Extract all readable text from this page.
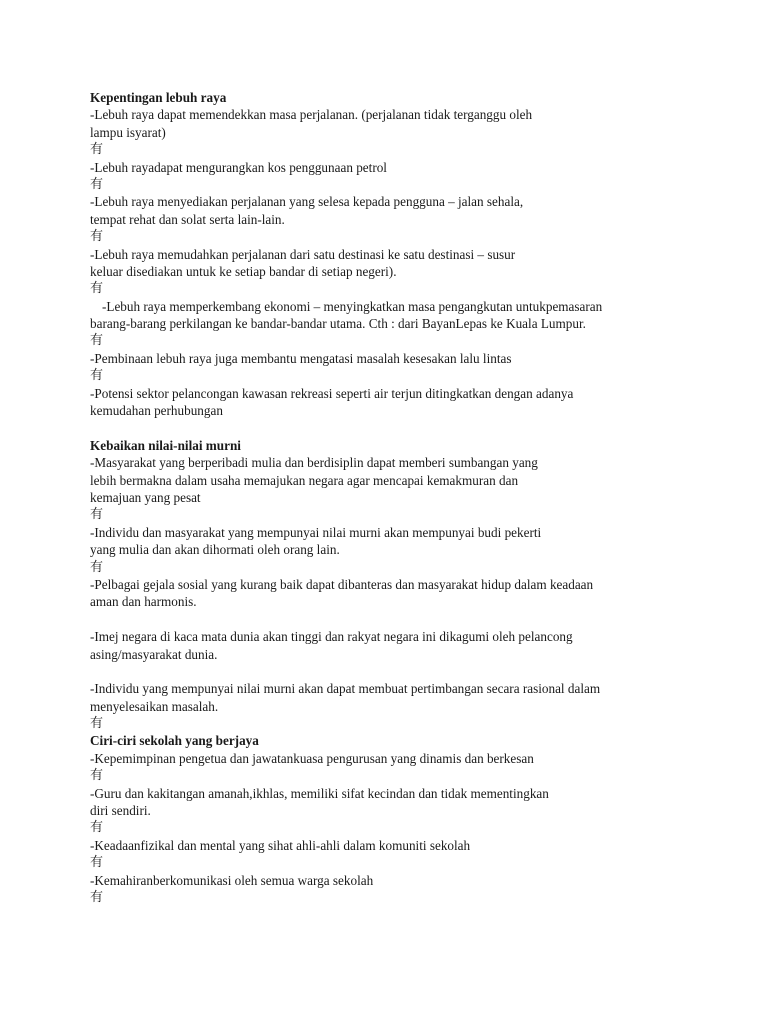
Kepentingan lebuh raya
-Lebuh raya dapat memendekkan masa perjalanan. (perjalanan tidak terganggu oleh
lampu isyarat)
有
-Lebuh rayadapat mengurangkan kos penggunaan petrol
有
-Lebuh raya menyediakan perjalanan yang selesa kepada pengguna – jalan sehala,
tempat rehat dan solat serta lain-lain.
有
-Lebuh raya memudahkan perjalanan dari satu destinasi ke satu destinasi – susur
keluar disediakan untuk ke setiap bandar di setiap negeri).
有
-Lebuh raya memperkembang ekonomi – menyingkatkan masa pengangkutan untukpemasaran
barang-barang perkilangan ke bandar-bandar utama. Cth : dari BayanLepas ke Kuala Lumpur.
有
-Pembinaan lebuh raya juga membantu mengatasi masalah kesesakan lalu lintas
有
-Potensi sektor pelancongan kawasan rekreasi seperti air terjun ditingkatkan dengan adanya
kemudahan perhubungan
Kebaikan nilai-nilai murni
-Masyarakat yang berperibadi mulia dan berdisiplin dapat memberi sumbangan yang
lebih bermakna dalam usaha memajukan negara agar mencapai kemakmuran dan
kemajuan yang pesat
有
-Individu dan masyarakat yang mempunyai nilai murni akan mempunyai budi pekerti
yang mulia dan akan dihormati oleh orang lain.
有
-Pelbagai gejala sosial yang kurang baik dapat dibanteras dan masyarakat hidup dalam keadaan
aman dan harmonis.
-Imej negara di kaca mata dunia akan tinggi dan rakyat negara ini dikagumi oleh pelancong
asing/masyarakat dunia.
-Individu yang mempunyai nilai murni akan dapat membuat pertimbangan secara rasional dalam
menyelesaikan masalah.
有
Ciri-ciri sekolah yang berjaya
-Kepemimpinan pengetua dan jawatankuasa pengurusan yang dinamis dan berkesan
有
-Guru dan kakitangan amanah,ikhlas, memiliki sifat kecindan dan tidak mementingkan
diri sendiri.
有
-Keadaanfizikal dan mental yang sihat ahli-ahli dalam komuniti sekolah
有
-Kemahiranberkomunikasi oleh semua warga sekolah
有
